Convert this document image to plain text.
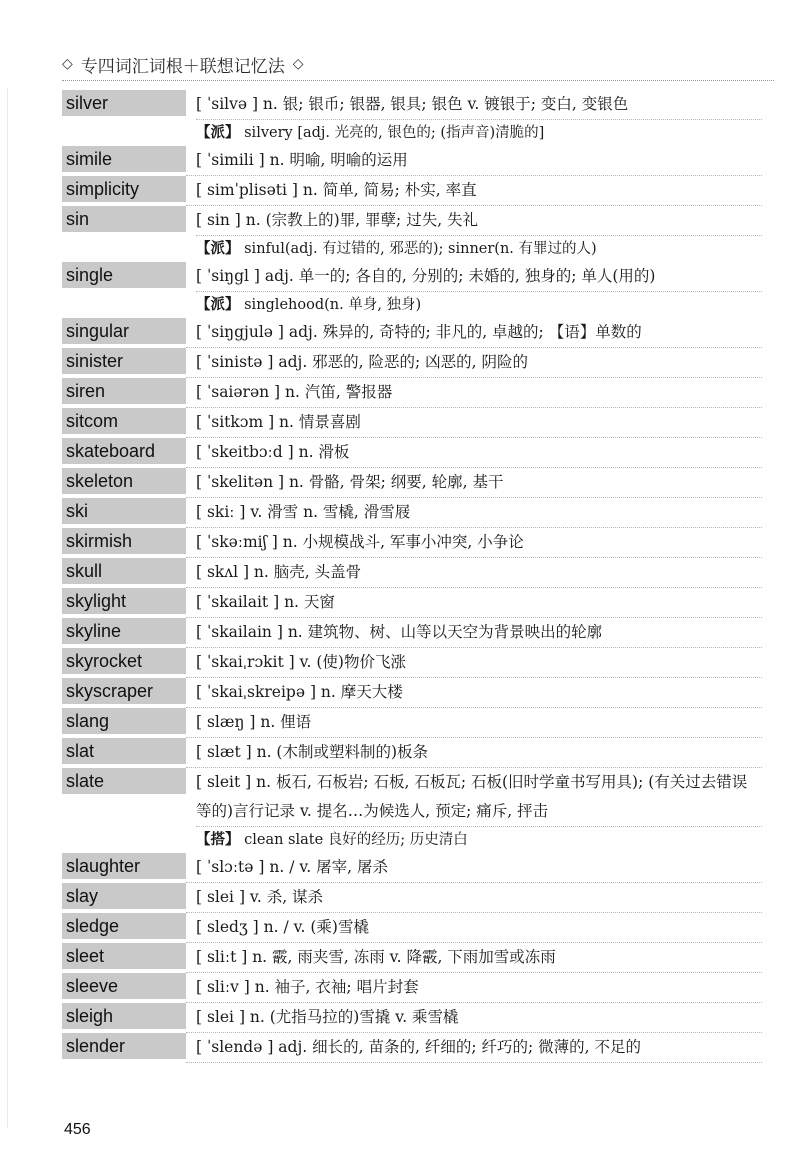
◇ 专四词汇词根＋联想记忆法 ◇
silver	[ ˈsilvə ] n. 银; 银币; 银器, 银具; 银色 v. 镀银于; 变白, 变银色
【派】 silvery [adj. 光亮的, 银色的; (指声音)清脆的]
simile	[ ˈsimili ] n. 明喻, 明喻的运用
simplicity	[ simˈplisəti ] n. 简单, 简易; 朴实, 率直
sin	[ sin ] n. (宗教上的)罪, 罪孽; 过失, 失礼
【派】 sinful(adj. 有过错的, 邪恶的); sinner(n. 有罪过的人)
single	[ ˈsiŋgl ] adj. 单一的; 各自的, 分别的; 未婚的, 独身的; 单人(用的)
【派】 singlehood(n. 单身, 独身)
singular	[ ˈsiŋgjulə ] adj. 殊异的, 奇特的; 非凡的, 卓越的; 【语】单数的
sinister	[ ˈsinistə ] adj. 邪恶的, 险恶的; 凶恶的, 阴险的
siren	[ ˈsaiərən ] n. 汽笛, 警报器
sitcom	[ ˈsitkɔm ] n. 情景喜剧
skateboard	[ ˈskeitbɔːd ] n. 滑板
skeleton	[ ˈskelitən ] n. 骨骼, 骨架; 纲要, 轮廓, 基干
ski	[ skiː ] v. 滑雪 n. 雪橇, 滑雪屐
skirmish	[ ˈskəːmiʃ ] n. 小规模战斗, 军事小冲突, 小争论
skull	[ skʌl ] n. 脑壳, 头盖骨
skylight	[ ˈskailait ] n. 天窗
skyline	[ ˈskailain ] n. 建筑物、树、山等以天空为背景映出的轮廓
skyrocket	[ ˈskaiˌrɔkit ] v. (使)物价飞涨
skyscraper	[ ˈskaiˌskreipə ] n. 摩天大楼
slang	[ slæŋ ] n. 俚语
slat	[ slæt ] n. (木制或塑料制的)板条
slate	[ sleit ] n. 板石, 石板岩; 石板, 石板瓦; 石板(旧时学童书写用具); (有关过去错误等的)言行记录 v. 提名…为候选人, 预定; 痛斥, 抨击
【搭】 clean slate 良好的经历; 历史清白
slaughter	[ ˈslɔːtə ] n. / v. 屠宰, 屠杀
slay	[ slei ] v. 杀, 谋杀
sledge	[ sledʒ ] n. / v. (乘)雪橇
sleet	[ sliːt ] n. 霰, 雨夹雪, 冻雨 v. 降霰, 下雨加雪或冻雨
sleeve	[ sliːv ] n. 袖子, 衣袖; 唱片封套
sleigh	[ slei ] n. (尤指马拉的)雪撬 v. 乘雪橇
slender	[ ˈslendə ] adj. 细长的, 苗条的, 纤细的; 纤巧的; 微薄的, 不足的
456
